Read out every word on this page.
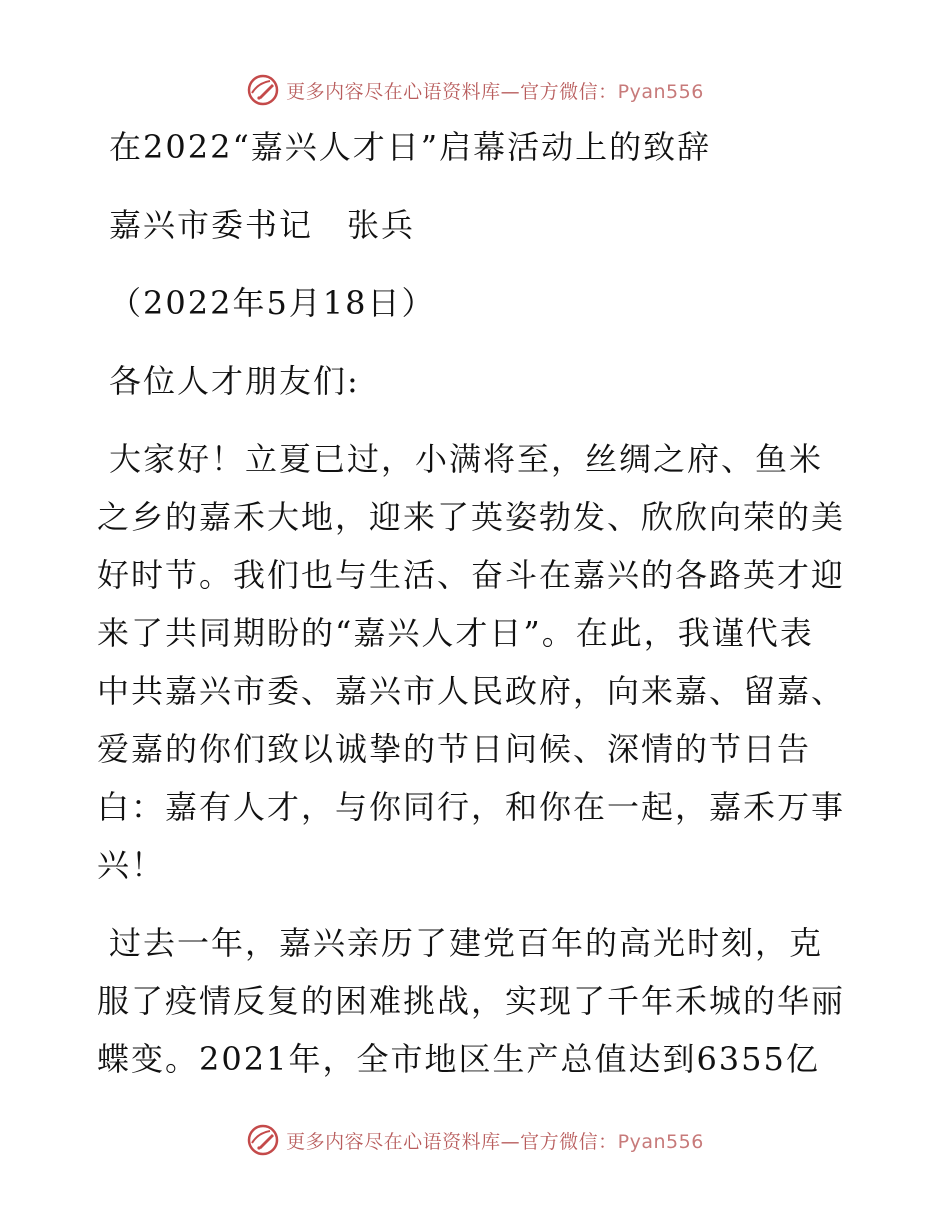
更多内容尽在心语资料库—官方微信：Pyan556
在2022“嘉兴人才日”启幕活动上的致辞
嘉兴市委书记　张兵
（2022年5月18日）
各位人才朋友们:
大家好！立夏已过，小满将至，丝绸之府、鱼米
之乡的嘉禾大地，迎来了英姿勃发、欣欣向荣的美
好时节。我们也与生活、奋斗在嘉兴的各路英才迎
来了共同期盼的“嘉兴人才日”。在此，我谨代表
中共嘉兴市委、嘉兴市人民政府，向来嘉、留嘉、
爱嘉的你们致以诚挚的节日问候、深情的节日告
白：嘉有人才，与你同行，和你在一起，嘉禾万事
兴！
过去一年，嘉兴亲历了建党百年的高光时刻，克
服了疫情反复的困难挑战，实现了千年禾城的华丽
蝶变。2021年，全市地区生产总值达到6355亿
更多内容尽在心语资料库—官方微信：Pyan556
